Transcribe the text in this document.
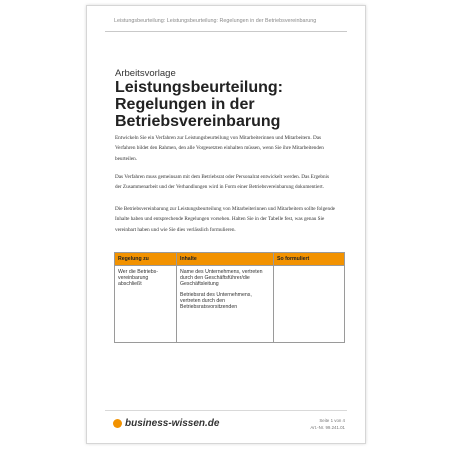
Leistungsbeurteilung: Leistungsbeurteilung: Regelungen in der Betriebsvereinbarung
Arbeitsvorlage
Leistungsbeurteilung: Regelungen in der Betriebsvereinbarung
Entwickeln Sie ein Verfahren zur Leistungsbeurteilung von Mitarbeiterinnen und Mitarbeitern. Das Verfahren bildet den Rahmen, den alle Vorgesetzten einhalten müssen, wenn Sie ihre Mitarbeitenden beurteilen.
Das Verfahren muss gemeinsam mit dem Betriebsrat oder Personalrat entwickelt werden. Das Ergebnis der Zusammenarbeit und der Verhandlungen wird in Form einer Betriebsvereinbarung dokumentiert.
Die Betriebsvereinbarung zur Leistungsbeurteilung von Mitarbeiterinnen und Mitarbeitern sollte folgende Inhalte haben und entsprechende Regelungen vorsehen. Halten Sie in der Tabelle fest, was genau Sie vereinbart haben und wie Sie dies verlässlich formulieren.
Regelung zu	Inhalte	So formuliert
Wer die Betriebs-vereinbarung abschließt	Name des Unternehmens, vertreten durch den Geschäftsführer/die Geschäftsleitung
Betriebsrat des Unternehmens, vertreten durch den Betriebsratsvorsitzenden	

business-wissen.de	Seite 1 von 4
Art.-Nr. 99.241.01
